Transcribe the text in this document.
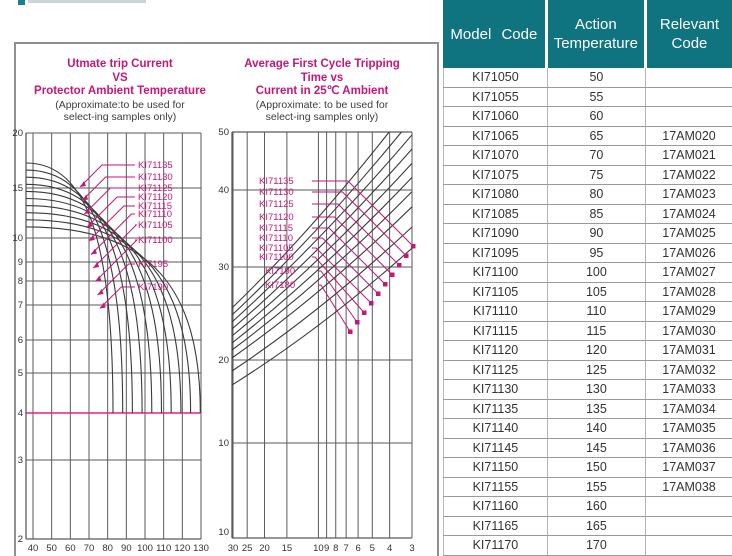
Utmate trip Current
VS
Protector Ambient Temperature
(Approximate:to be used for
select-ing samples only)
Average First Cycle Tripping
Time vs
Current in 25℃ Ambient
(Approximate: to be used for
select-ing samples only)
20
15
10
9
8
7
6
5
4
3
2
40 50 60 70 80 90 100 110 120 130
KI71135
KI71130
KI71125
KI71120
KI71115
KI71110
KI71105
KI71100
KI7195
KI7190
50
40
30
20
10
10
30 25 20 15 10 9 8 7 6 5 4 3
KI71135
KI71130
KI71125
KI71120
KI71115
KI71110
KI71105
KI71100
KI7190
KI7180
Model Code
Action
Temperature
Relevant
Code
KI71050	50
KI71055	55
KI71060	60
KI71065	65	17AM020
KI71070	70	17AM021
KI71075	75	17AM022
KI71080	80	17AM023
KI71085	85	17AM024
KI71090	90	17AM025
KI71095	95	17AM026
KI71100	100	17AM027
KI71105	105	17AM028
KI71110	110	17AM029
KI71115	115	17AM030
KI71120	120	17AM031
KI71125	125	17AM032
KI71130	130	17AM033
KI71135	135	17AM034
KI71140	140	17AM035
KI71145	145	17AM036
KI71150	150	17AM037
KI71155	155	17AM038
KI71160	160
KI71165	165
KI71170	170
